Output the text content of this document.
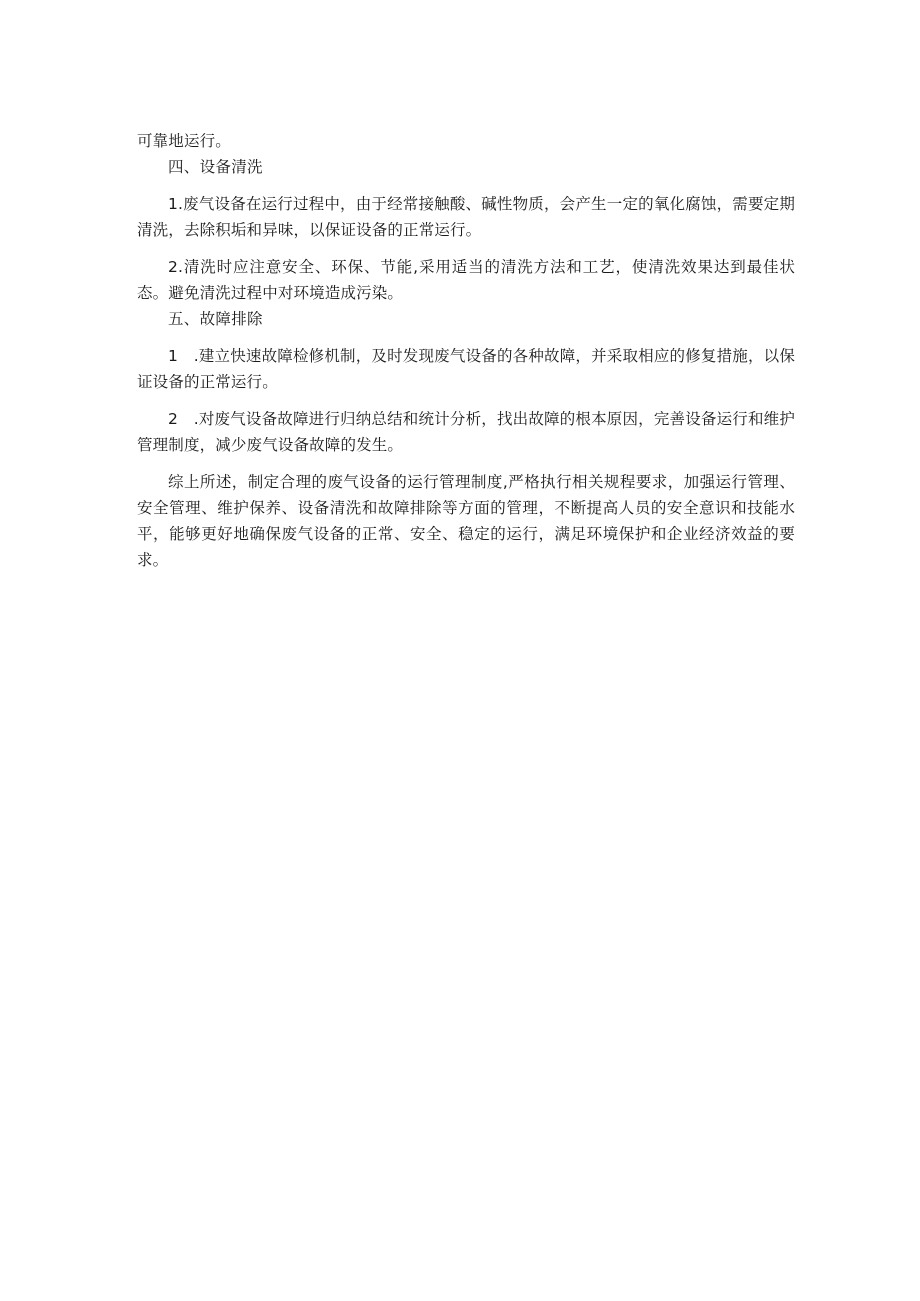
可靠地运行。

四、设备清洗

1.废气设备在运行过程中，由于经常接触酸、碱性物质，会产生一定的氧化腐蚀，需要定期清洗，去除积垢和异味，以保证设备的正常运行。

2.清洗时应注意安全、环保、节能,采用适当的清洗方法和工艺，使清洗效果达到最佳状态。避免清洗过程中对环境造成污染。

五、故障排除

1　.建立快速故障检修机制，及时发现废气设备的各种故障，并采取相应的修复措施，以保证设备的正常运行。

2　.对废气设备故障进行归纳总结和统计分析，找出故障的根本原因，完善设备运行和维护管理制度，减少废气设备故障的发生。

综上所述，制定合理的废气设备的运行管理制度,严格执行相关规程要求，加强运行管理、安全管理、维护保养、设备清洗和故障排除等方面的管理，不断提高人员的安全意识和技能水平，能够更好地确保废气设备的正常、安全、稳定的运行，满足环境保护和企业经济效益的要求。
